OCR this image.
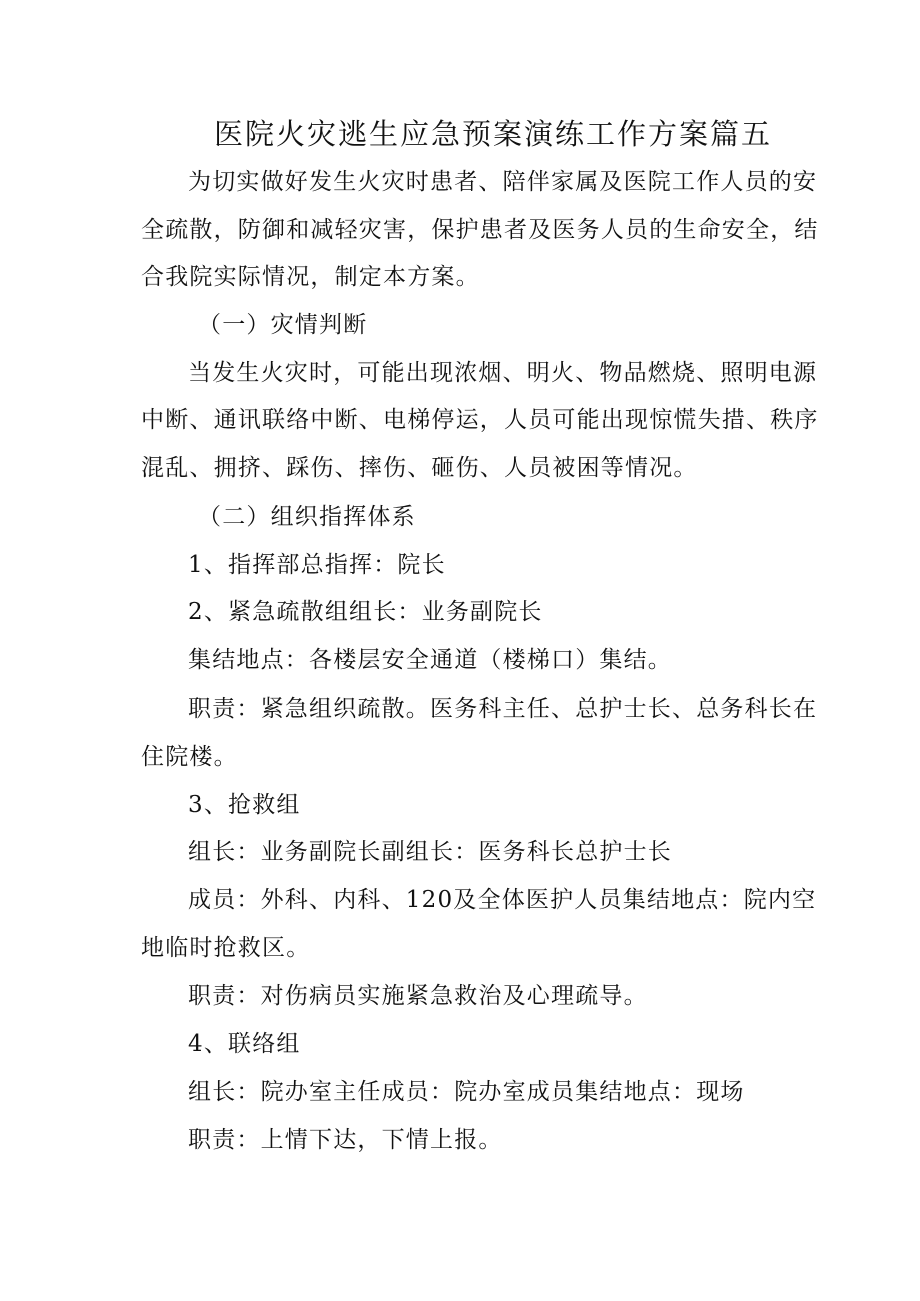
医院火灾逃生应急预案演练工作方案篇五
为切实做好发生火灾时患者、陪伴家属及医院工作人员的安
全疏散，防御和减轻灾害，保护患者及医务人员的生命安全，结
合我院实际情况，制定本方案。
（一）灾情判断
当发生火灾时，可能出现浓烟、明火、物品燃烧、照明电源
中断、通讯联络中断、电梯停运，人员可能出现惊慌失措、秩序
混乱、拥挤、踩伤、摔伤、砸伤、人员被困等情况。
（二）组织指挥体系
1、指挥部总指挥：院长
2、紧急疏散组组长：业务副院长
集结地点：各楼层安全通道（楼梯口）集结。
职责：紧急组织疏散。医务科主任、总护士长、总务科长在
住院楼。
3、抢救组
组长：业务副院长副组长：医务科长总护士长
成员：外科、内科、120及全体医护人员集结地点：院内空
地临时抢救区。
职责：对伤病员实施紧急救治及心理疏导。
4、联络组
组长：院办室主任成员：院办室成员集结地点：现场
职责：上情下达，下情上报。
